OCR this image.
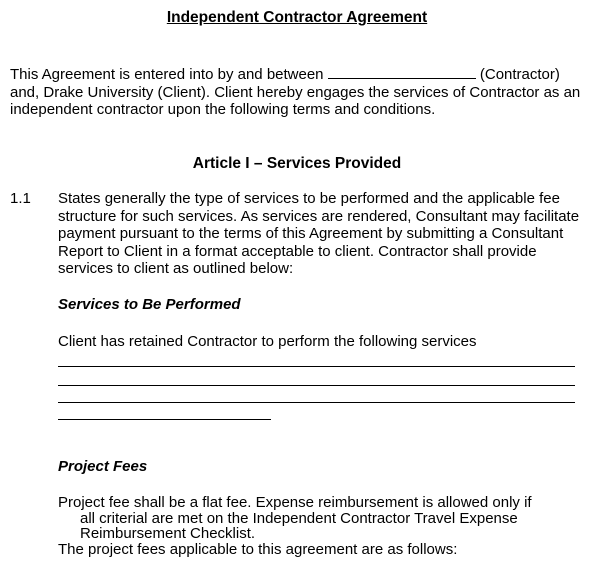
Independent Contractor Agreement

This Agreement is entered into by and between	(Contractor) and, Drake University (Client). Client hereby engages the services of Contractor as an independent contractor upon the following terms and conditions.

Article I – Services Provided
1.1 States generally the type of services to be performed and the applicable fee structure for such services. As services are rendered, Consultant may facilitate payment pursuant to the terms of this Agreement by submitting a Consultant Report to Client in a format acceptable to client. Contractor shall provide services to client as outlined below:

Services to Be Performed

Client has retained Contractor to perform the following services

Project Fees
Project fee shall be a flat fee. Expense reimbursement is allowed only if
all criterial are met on the Independent Contractor Travel Expense
Reimbursement Checklist.
The project fees applicable to this agreement are as follows:
